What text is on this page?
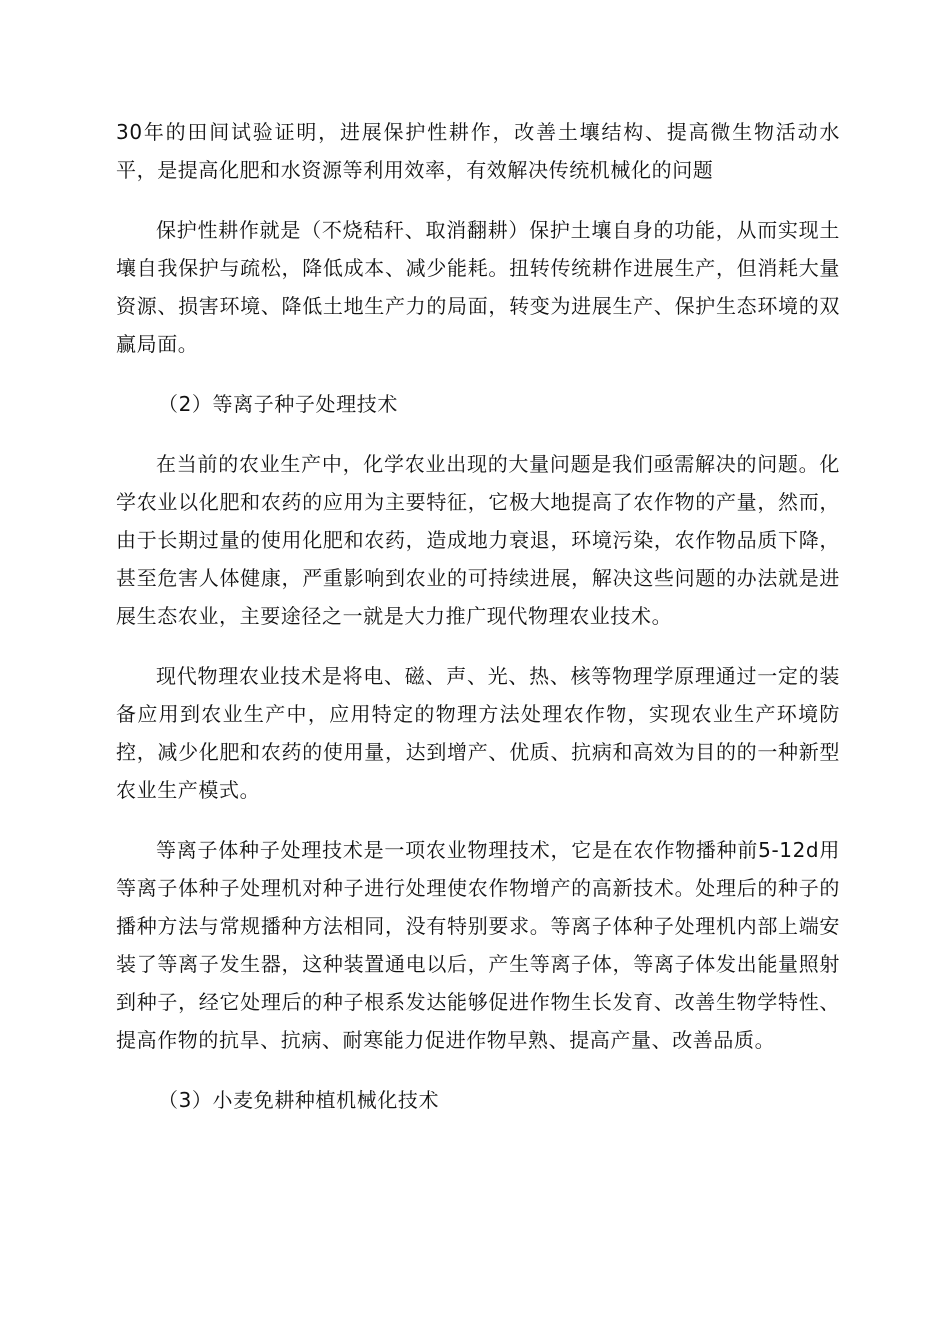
30年的田间试验证明，进展保护性耕作，改善土壤结构、提高微生物活动水平，是提高化肥和水资源等利用效率，有效解决传统机械化的问题

保护性耕作就是（不烧秸秆、取消翻耕）保护土壤自身的功能，从而实现土壤自我保护与疏松，降低成本、减少能耗。扭转传统耕作进展生产，但消耗大量资源、损害环境、降低土地生产力的局面，转变为进展生产、保护生态环境的双赢局面。

（2）等离子种子处理技术

在当前的农业生产中，化学农业出现的大量问题是我们亟需解决的问题。化学农业以化肥和农药的应用为主要特征，它极大地提高了农作物的产量，然而，由于长期过量的使用化肥和农药，造成地力衰退，环境污染，农作物品质下降，甚至危害人体健康，严重影响到农业的可持续进展，解决这些问题的办法就是进展生态农业，主要途径之一就是大力推广现代物理农业技术。

现代物理农业技术是将电、磁、声、光、热、核等物理学原理通过一定的装备应用到农业生产中，应用特定的物理方法处理农作物，实现农业生产环境防控，减少化肥和农药的使用量，达到增产、优质、抗病和高效为目的的一种新型农业生产模式。

等离子体种子处理技术是一项农业物理技术，它是在农作物播种前5-12d用等离子体种子处理机对种子进行处理使农作物增产的高新技术。处理后的种子的播种方法与常规播种方法相同，没有特别要求。等离子体种子处理机内部上端安装了等离子发生器，这种装置通电以后，产生等离子体，等离子体发出能量照射到种子，经它处理后的种子根系发达能够促进作物生长发育、改善生物学特性、提高作物的抗旱、抗病、耐寒能力促进作物早熟、提高产量、改善品质。

（3）小麦免耕种植机械化技术
